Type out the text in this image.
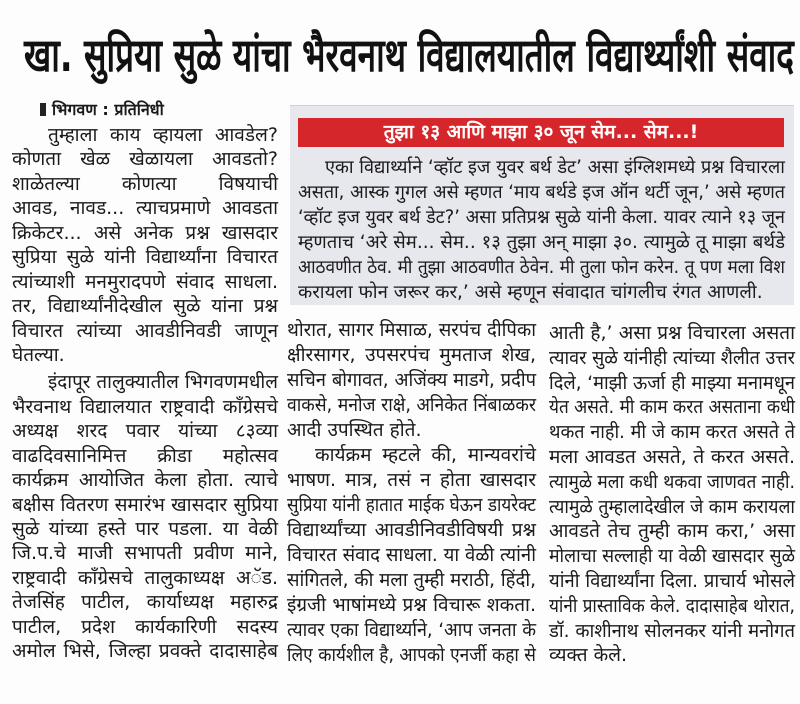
खा. सुप्रिया सुळे यांचा भैरवनाथ विद्यालयातील विद्यार्थ्यांशी संवाद
भिगवण : प्रतिनिधी
तुम्हाला काय व्हायला आवडेल?
कोणता खेळ खेळायला आवडतो?
शाळेतल्या कोणत्या विषयाची
आवड, नावड... त्याचप्रमाणे आवडता
क्रिकेटर... असे अनेक प्रश्न खासदार
सुप्रिया सुळे यांनी विद्यार्थ्यांना विचारत
त्यांच्याशी मनमुरादपणे संवाद साधला.
तर, विद्यार्थ्यांनीदेखील सुळे यांना प्रश्न
विचारत त्यांच्या आवडीनिवडी जाणून
घेतल्या.
इंदापूर तालुक्यातील भिगवणमधील
भैरवनाथ विद्यालयात राष्ट्रवादी काँग्रेसचे
अध्यक्ष शरद पवार यांच्या ८३व्या
वाढदिवसानिमित्त क्रीडा महोत्सव
कार्यक्रम आयोजित केला होता. त्याचे
बक्षीस वितरण समारंभ खासदार सुप्रिया
सुळे यांच्या हस्ते पार पडला. या वेळी
जि.प.चे माजी सभापती प्रवीण माने,
राष्ट्रवादी काँग्रेसचे तालुकाध्यक्ष अॅड.
तेजसिंह पाटील, कार्याध्यक्ष महारुद्र
पाटील, प्रदेश कार्यकारिणी सदस्य
अमोल भिसे, जिल्हा प्रवक्ते दादासाहेब
तुझा १३ आणि माझा ३० जून सेम... सेम...!
एका विद्यार्थ्याने ‘व्हॉट इज युवर बर्थ डेट’ असा इंग्लिशमध्ये प्रश्न विचारला
असता, आस्क गुगल असे म्हणत ‘माय बर्थडे इज ऑन थर्टी जून,’ असे म्हणत
‘व्हॉट इज युवर बर्थ डेट?’ असा प्रतिप्रश्न सुळे यांनी केला. यावर त्याने १३ जून
म्हणताच ‘अरे सेम... सेम.. १३ तुझा अन् माझा ३०. त्यामुळे तू माझा बर्थडे
आठवणीत ठेव. मी तुझा आठवणीत ठेवेन. मी तुला फोन करेन. तू पण मला विश
करायला फोन जरूर कर,’ असे म्हणून संवादात चांगलीच रंगत आणली.
थोरात, सागर मिसाळ, सरपंच दीपिका
क्षीरसागर, उपसरपंच मुमताज शेख,
सचिन बोगावत, अजिंक्य माडगे, प्रदीप
वाकसे, मनोज राक्षे, अनिकेत निंबाळकर
आदी उपस्थित होते.
कार्यक्रम म्हटले की, मान्यवरांचे
भाषण. मात्र, तसं न होता खासदार
सुप्रिया यांनी हातात माईक घेऊन डायरेक्ट
विद्यार्थ्यांच्या आवडीनिवडीविषयी प्रश्न
विचारत संवाद साधला. या वेळी त्यांनी
सांगितले, की मला तुम्ही मराठी, हिंदी,
इंग्रजी भाषांमध्ये प्रश्न विचारू शकता.
त्यावर एका विद्यार्थ्याने, ‘आप जनता के
लिए कार्यशील है, आपको एनर्जी कहा से
आती है,’ असा प्रश्न विचारला असता
त्यावर सुळे यांनीही त्यांच्या शैलीत उत्तर
दिले, ‘माझी ऊर्जा ही माझ्या मनामधून
येत असते. मी काम करत असताना कधी
थकत नाही. मी जे काम करत असते ते
मला आवडत असते, ते करत असते.
त्यामुळे मला कधी थकवा जाणवत नाही.
त्यामुळे तुम्हालादेखील जे काम करायला
आवडते तेच तुम्ही काम करा,’ असा
मोलाचा सल्लाही या वेळी खासदार सुळे
यांनी विद्यार्थ्यांना दिला. प्राचार्य भोसले
यांनी प्रास्ताविक केले. दादासाहेब थोरात,
डॉ. काशीनाथ सोलनकर यांनी मनोगत
व्यक्त केले.
